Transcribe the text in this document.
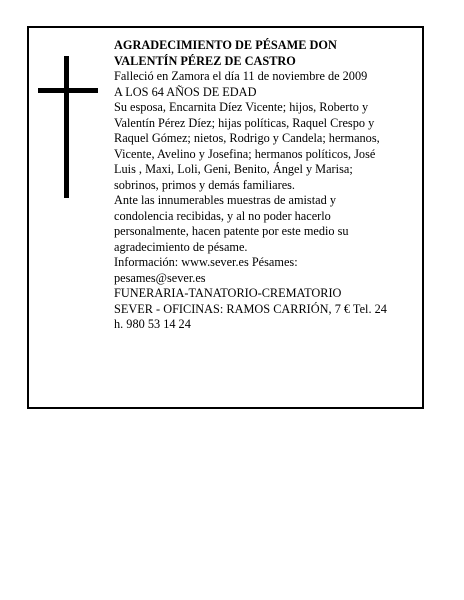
AGRADECIMIENTO DE PÉSAME DON
VALENTÍN PÉREZ DE CASTRO
Falleció en Zamora el día 11 de noviembre de 2009
A LOS 64 AÑOS DE EDAD
Su esposa, Encarnita Díez Vicente; hijos, Roberto y
Valentín Pérez Díez; hijas políticas, Raquel Crespo y
Raquel Gómez; nietos, Rodrigo y Candela; hermanos,
Vicente, Avelino y Josefina; hermanos políticos, José
Luis , Maxi, Loli, Geni, Benito, Ángel y Marisa;
sobrinos, primos y demás familiares.
Ante las innumerables muestras de amistad y
condolencia recibidas, y al no poder hacerlo
personalmente, hacen patente por este medio su
agradecimiento de pésame.
Información: www.sever.es Pésames:
pesames@sever.es
FUNERARIA-TANATORIO-CREMATORIO
SEVER - OFICINAS: RAMOS CARRIÓN, 7 € Tel. 24
h. 980 53 14 24
